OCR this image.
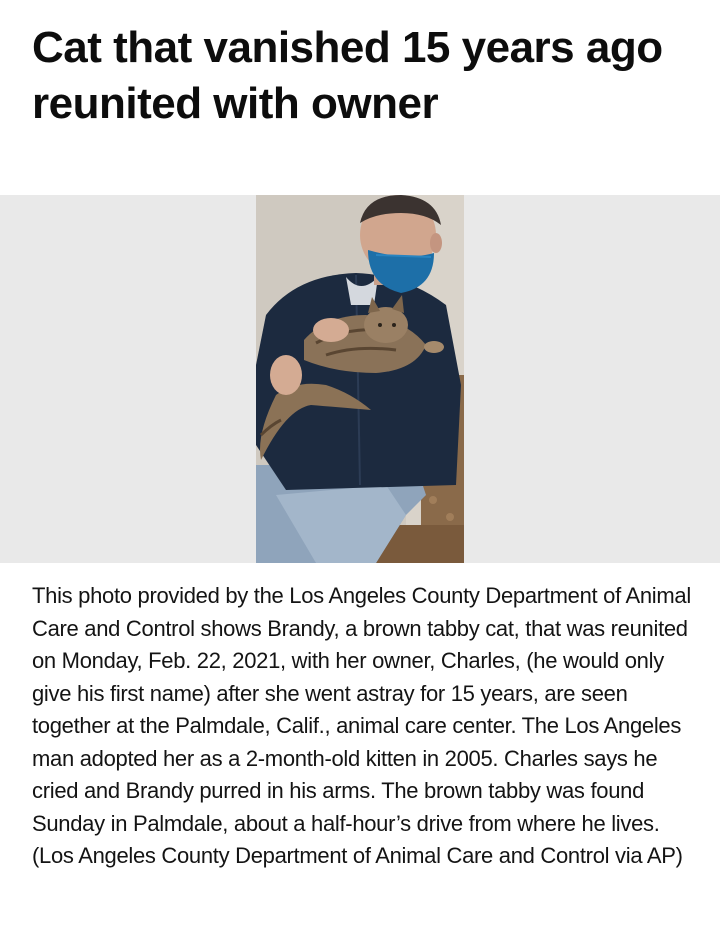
Cat that vanished 15 years ago reunited with owner

This photo provided by the Los Angeles County Department of Animal Care and Control shows Brandy, a brown tabby cat, that was reunited on Monday, Feb. 22, 2021, with her owner, Charles, (he would only give his first name) after she went astray for 15 years, are seen together at the Palmdale, Calif., animal care center. The Los Angeles man adopted her as a 2-month-old kitten in 2005. Charles says he cried and Brandy purred in his arms. The brown tabby was found Sunday in Palmdale, about a half-hour’s drive from where he lives. (Los Angeles County Department of Animal Care and Control via AP)
